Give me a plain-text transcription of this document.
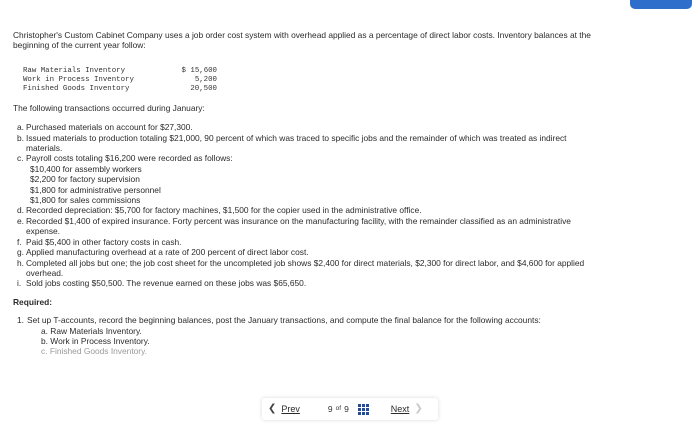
Christopher's Custom Cabinet Company uses a job order cost system with overhead applied as a percentage of direct labor costs. Inventory balances at the beginning of the current year follow:

Raw Materials Inventory	$ 15,600
Work in Process Inventory	5,200
Finished Goods Inventory	20,500

The following transactions occurred during January:

a. Purchased materials on account for $27,300.
b. Issued materials to production totaling $21,000, 90 percent of which was traced to specific jobs and the remainder of which was treated as indirect materials.
c. Payroll costs totaling $16,200 were recorded as follows:
$10,400 for assembly workers
$2,200 for factory supervision
$1,800 for administrative personnel
$1,800 for sales commissions
d. Recorded depreciation: $5,700 for factory machines, $1,500 for the copier used in the administrative office.
e. Recorded $1,400 of expired insurance. Forty percent was insurance on the manufacturing facility, with the remainder classified as an administrative expense.
f. Paid $5,400 in other factory costs in cash.
g. Applied manufacturing overhead at a rate of 200 percent of direct labor cost.
h. Completed all jobs but one; the job cost sheet for the uncompleted job shows $2,400 for direct materials, $2,300 for direct labor, and $4,600 for applied overhead.
i. Sold jobs costing $50,500. The revenue earned on these jobs was $65,650.
Required:
1. Set up T-accounts, record the beginning balances, post the January transactions, and compute the final balance for the following accounts:
a. Raw Materials Inventory.
b. Work in Process Inventory.
c. Finished Goods Inventory.
❮ Prev	9 of 9	Next ❯
